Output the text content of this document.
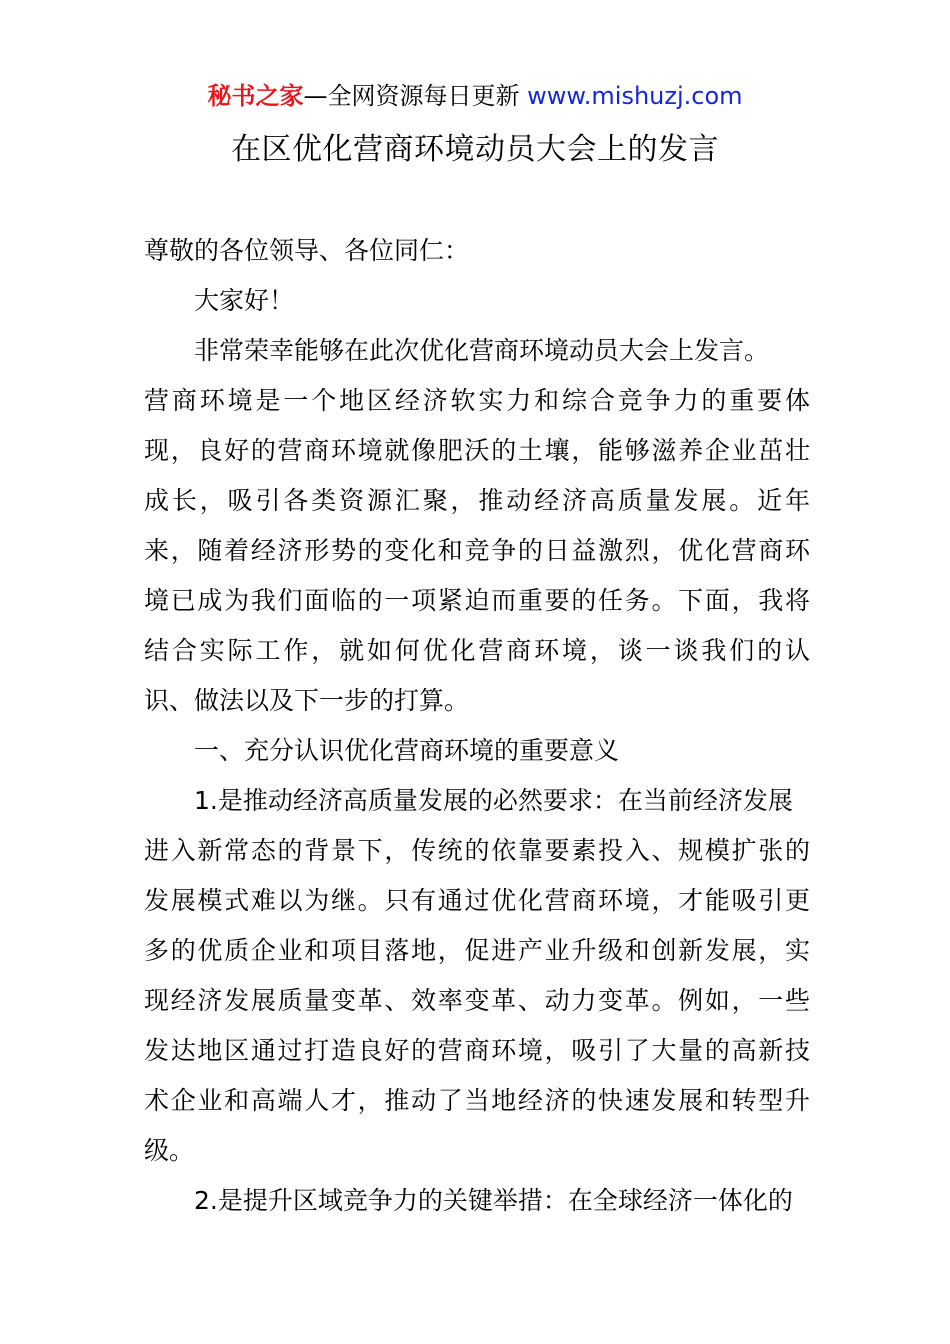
秘书之家—全网资源每日更新 www.mishuzj.com
在区优化营商环境动员大会上的发言
尊敬的各位领导、各位同仁：
大家好！
非常荣幸能够在此次优化营商环境动员大会上发言。
营商环境是一个地区经济软实力和综合竞争力的重要体
现，良好的营商环境就像肥沃的土壤，能够滋养企业茁壮
成长，吸引各类资源汇聚，推动经济高质量发展。近年
来，随着经济形势的变化和竞争的日益激烈，优化营商环
境已成为我们面临的一项紧迫而重要的任务。下面，我将
结合实际工作，就如何优化营商环境，谈一谈我们的认
识、做法以及下一步的打算。
一、充分认识优化营商环境的重要意义
1.是推动经济高质量发展的必然要求：在当前经济发展
进入新常态的背景下，传统的依靠要素投入、规模扩张的
发展模式难以为继。只有通过优化营商环境，才能吸引更
多的优质企业和项目落地，促进产业升级和创新发展，实
现经济发展质量变革、效率变革、动力变革。例如，一些
发达地区通过打造良好的营商环境，吸引了大量的高新技
术企业和高端人才，推动了当地经济的快速发展和转型升
级。
2.是提升区域竞争力的关键举措：在全球经济一体化的
